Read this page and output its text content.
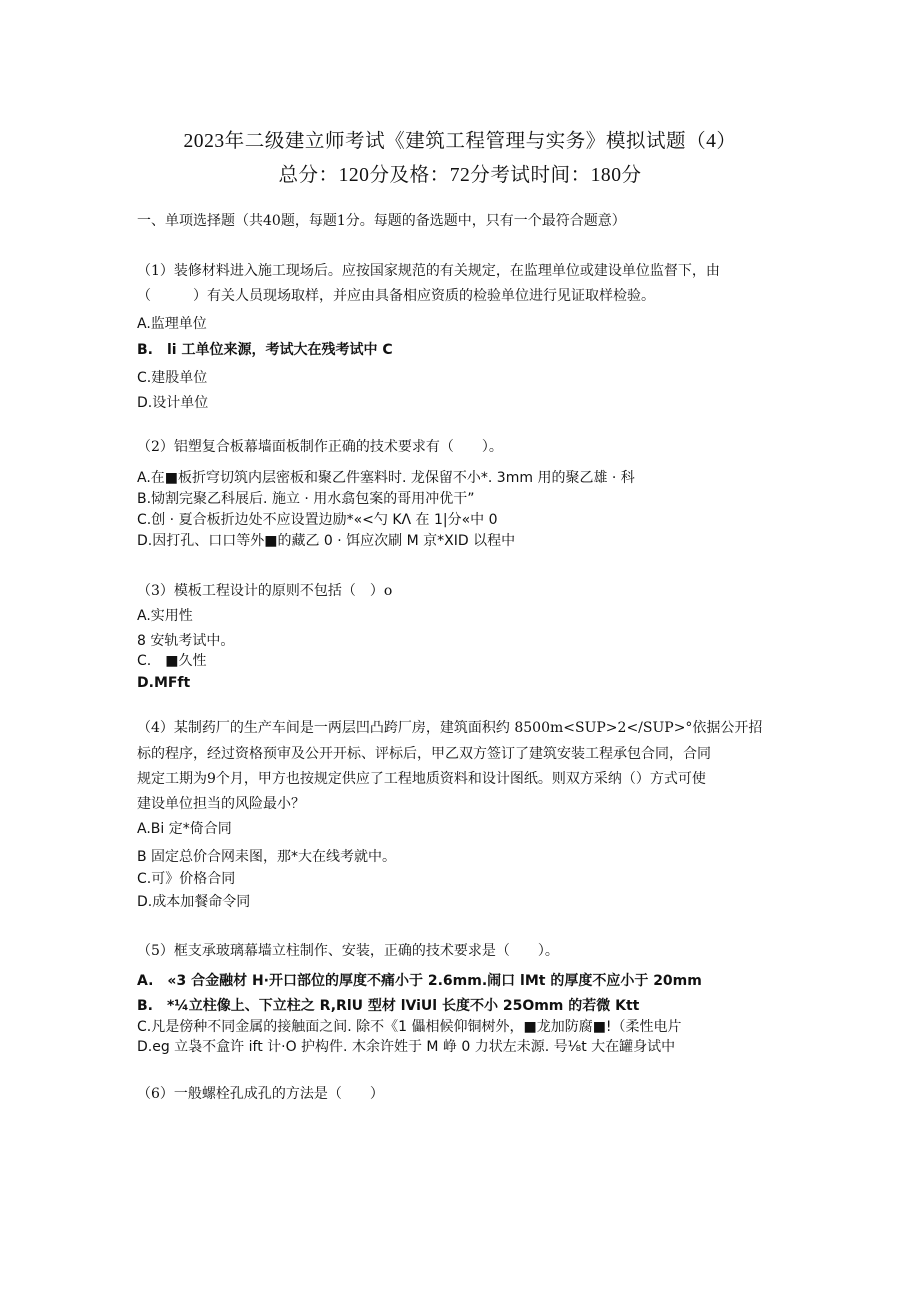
2023年二级建立师考试《建筑工程管理与实务》模拟试题（4）
总分：120分及格：72分考试时间：180分
一、单项选择题（共40题，每题1分。每题的备选题中，只有一个最符合题意）
（1）装修材料进入施工现场后。应按国家规范的有关规定，在监理单位或建设单位监督下，由
（　　　）有关人员现场取样，并应由具备相应资质的检验单位进行见证取样检验。
A.监理单位
B.　li 工单位来源，考试大在残考试中 C
C.建股单位
D.设计单位
（2）铝塑复合板幕墙面板制作正确的技术要求有（　　）。
A.在■板折穹切筑内层密板和聚乙件塞料时. 龙保留不小*. 3mm 用的聚乙雄 · 科
B.恸割完聚乙科展后. 施立 · 用水翕包案的哥用冲优干”
C.创 · 夏合板折边处不应设置边励*«<勺 KΛ 在 1|分«中 0
D.因打孔、口口等外■的藏乙 0 · 饵应次刷 M 京*XID 以程中
（3）模板工程设计的原则不包括（　）o
A.实用性
8 安轨考试中。
C.　■久性
D.MFft
（4）某制药厂的生产车间是一两层凹凸跨厂房，建筑面积约 8500m<SUP>2</SUP>°依据公开招
标的程序，经过资格预审及公开开标、评标后，甲乙双方签订了建筑安装工程承包合同，合同
规定工期为9个月，甲方也按规定供应了工程地质资料和设计图纸。则双方采纳（）方式可使
建设单位担当的风险最小？
A.Bi 定*倚合同
B 固定总价合网耒图，那*大在线考就中。
C.可》价格合同
D.成本加餐命令同
（5）框支承玻璃幕墙立柱制作、安装，正确的技术要求是（　　）。
A.　«3 合金融材 H·开口部位的厚度不痛小于 2.6mm.闹口 lMt 的厚度不应小于 20mm
B.　*¼立柱像上、下立柱之 R,RlU 型材 lViUl 长度不小 25Omm 的若微 Ktt
C.凡是傍种不同金属的接触面之间. 除不《1 儡相候仰铜树外，■龙加防腐■!（柔性电片
D.eg 立袅不盒许 ift 计·O 护构件. 木余许姓于 M 峥 0 力状左未源. 号⅛t 大在罐身试中
（6）一般螺栓孔成孔的方法是（　　）
